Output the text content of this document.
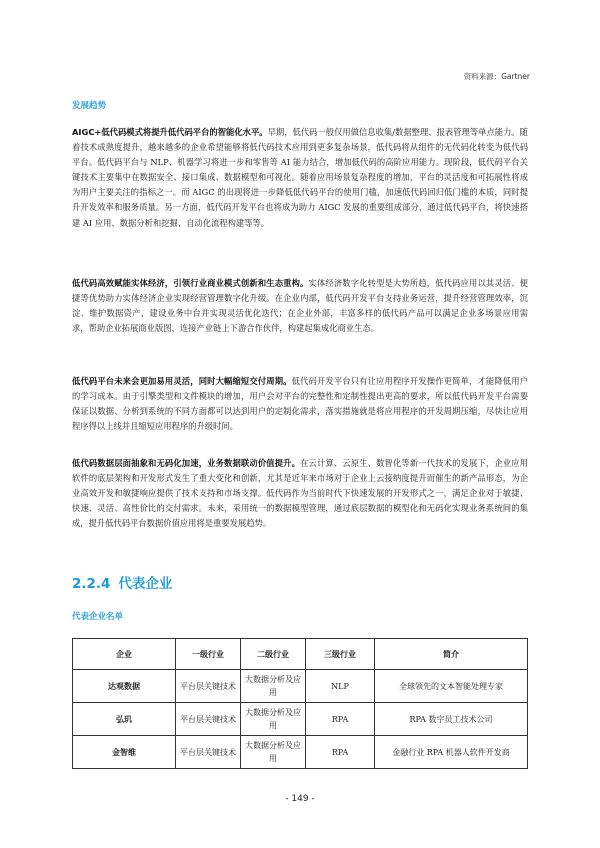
资料来源：Gartner
发展趋势

AIGC+低代码模式将提升低代码平台的智能化水平。早期，低代码一般仅用做信息收集/数据整理、报表管理等单点能力。随着技术成熟度提升，越来越多的企业希望能够将低代码技术应用到更多复杂场景，低代码将从组件的无代码化转变为低代码平台。低代码平台与 NLP、机器学习将进一步和零售等 AI 能力结合，增加低代码的高阶应用能力。现阶段，低代码平台关键技术主要集中在数据安全、接口集成、数据模型和可视化。随着应用场景复杂程度的增加，平台的灵活度和可拓展性将成为用户主要关注的指标之一。而 AIGC 的出现将进一步降低低代码平台的使用门槛，加速低代码回归低门槛的本质，同时提升开发效率和服务质量。另一方面，低代码开发平台也将成为助力 AIGC 发展的重要组成部分，通过低代码平台，将快速搭建 AI 应用、数据分析和挖掘、自动化流程构建等等。

低代码高效赋能实体经济，引领行业商业模式创新和生态重构。实体经济数字化转型是大势所趋，低代码应用以其灵活、便捷等优势助力实体经济企业实现经营管理数字化升级。在企业内部，低代码开发平台支持业务运营，提升经营管理效率，沉淀、维护数据资产，建设业务中台并实现灵活优化迭代；在企业外部，丰富多样的低代码产品可以满足企业多场景应用需求，帮助企业拓展商业版图，连接产业链上下游合作伙伴，构建起集成化商业生态。

低代码平台未来会更加易用灵活，同时大幅缩短交付周期。低代码开发平台只有让应用程序开发操作更简单，才能降低用户的学习成本。由于引擎类型和文件模块的增加，用户会对平台的完整性和定制性提出更高的要求，所以低代码开发平台需要保证以数据、分析到系统的不同方面都可以达到用户的定制化需求，落实措施就是将应用程序的开发周期压缩，尽快让应用程序得以上线并且缩短应用程序的升级时间。

低代码数据层面抽象和无码化加速，业务数据联动价值提升。在云计算、云原生、数智化等新一代技术的发展下，企业应用软件的底层架构和开发形式发生了重大变化和创新，尤其是近年来市场对于企业上云接纳度提升而催生的新产品形态，为企业高效开发和敏捷响应提供了技术支持和市场支撑。低代码作为当前时代下快速发展的开发形式之一，满足企业对于敏捷、快速、灵活、高性价比的交付需求。未来，采用统一的数据模型管理，通过底层数据的模型化和无码化实现业务系统间的集成，提升低代码平台数据价值应用将是重要发展趋势。

2.2.4 代表企业
代表企业名单
企业	一级行业	二级行业	三级行业	简介
达观数据	平台层关键技术	大数据分析及应用	NLP	全球领先的文本智能处理专家
弘玑	平台层关键技术	大数据分析及应用	RPA	RPA 数字员工技术公司
金智维	平台层关键技术	大数据分析及应用	RPA	金融行业 RPA 机器人软件开发商
- 149 -
